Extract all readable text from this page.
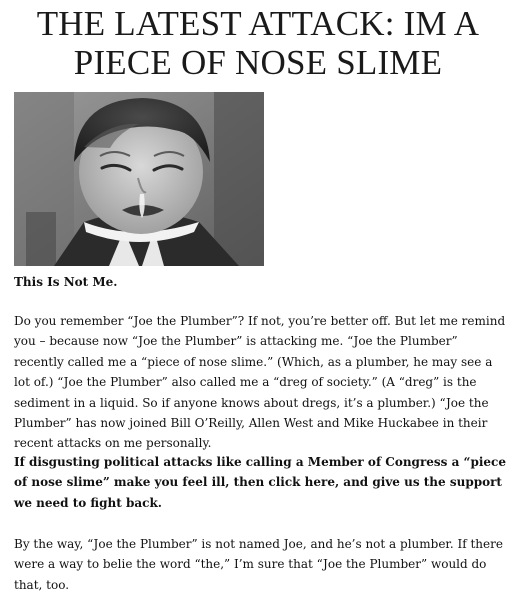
THE LATEST ATTACK: IM A PIECE OF NOSE SLIME

This Is Not Me.

Do you remember “Joe the Plumber”? If not, you’re better off. But let me remind you – because now “Joe the Plumber” is attacking me. “Joe the Plumber” recently called me a “piece of nose slime.” (Which, as a plumber, he may see a lot of.) “Joe the Plumber” also called me a “dreg of society.” (A “dreg” is the sediment in a liquid. So if anyone knows about dregs, it’s a plumber.) “Joe the Plumber” has now joined Bill O’Reilly, Allen West and Mike Huckabee in their recent attacks on me personally.

If disgusting political attacks like calling a Member of Congress a “piece of nose slime” make you feel ill, then click here, and give us the support we need to fight back.

By the way, “Joe the Plumber” is not named Joe, and he’s not a plumber. If there were a way to belie the word “the,” I’m sure that “Joe the Plumber” would do that, too.
